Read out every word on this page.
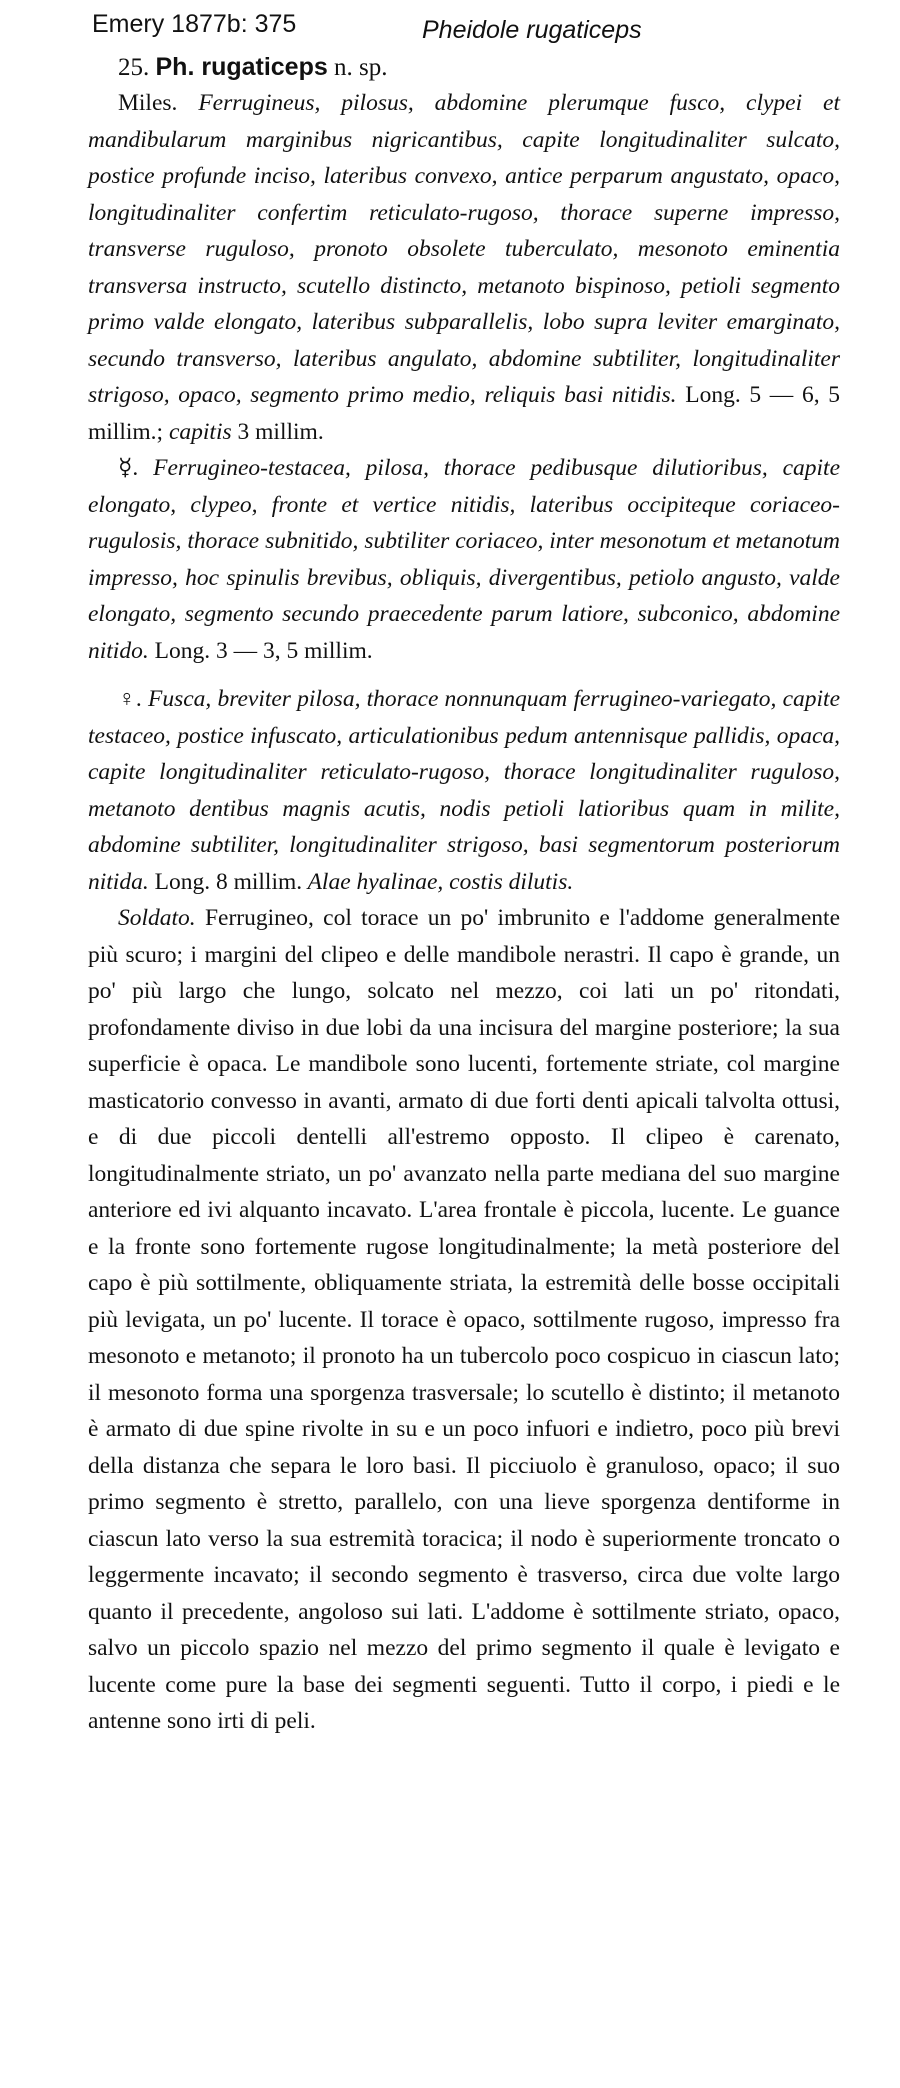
Emery 1877b: 375	Pheidole rugaticeps
25. Ph. rugaticeps n. sp.

Miles. Ferrugineus, pilosus, abdomine plerumque fusco, clypei et mandibularum marginibus nigricantibus, capite longitudinaliter sulcato, postice profunde inciso, lateribus convexo, antice perparum angustato, opaco, longitudinaliter confertim reticulato-rugoso, thorace superne impresso, transverse ruguloso, pronoto obsolete tuberculato, mesonoto eminentia transversa instructo, scutello distincto, metanoto bispinoso, petioli segmento primo valde elongato, lateribus subparallelis, lobo supra leviter emarginato, secundo transverso, lateribus angulato, abdomine subtiliter, longitudinaliter strigoso, opaco, segmento primo medio, reliquis basi nitidis. Long. 5 — 6, 5 millim.; capitis 3 millim.

☿. Ferrugineo-testacea, pilosa, thorace pedibusque dilutioribus, capite elongato, clypeo, fronte et vertice nitidis, lateribus occipiteque coriaceo-rugulosis, thorace subnitido, subtiliter coriaceo, inter mesonotum et metanotum impresso, hoc spinulis brevibus, obliquis, divergentibus, petiolo angusto, valde elongato, segmento secundo praecedente parum latiore, subconico, abdomine nitido. Long. 3 — 3, 5 millim.

♀. Fusca, breviter pilosa, thorace nonnunquam ferrugineo-variegato, capite testaceo, postice infuscato, articulationibus pedum antennisque pallidis, opaca, capite longitudinaliter reticulato-rugoso, thorace longitudinaliter ruguloso, metanoto dentibus magnis acutis, nodis petioli latioribus quam in milite, abdomine subtiliter, longitudinaliter strigoso, basi segmentorum posteriorum nitida. Long. 8 millim. Alae hyalinae, costis dilutis.

Soldato. Ferrugineo, col torace un po' imbrunito e l'addome generalmente più scuro; i margini del clipeo e delle mandibole nerastri. Il capo è grande, un po' più largo che lungo, solcato nel mezzo, coi lati un po' ritondati, profondamente diviso in due lobi da una incisura del margine posteriore; la sua superficie è opaca. Le mandibole sono lucenti, fortemente striate, col margine masticatorio convesso in avanti, armato di due forti denti apicali talvolta ottusi, e di due piccoli dentelli all'estremo opposto. Il clipeo è carenato, longitudinalmente striato, un po' avanzato nella parte mediana del suo margine anteriore ed ivi alquanto incavato. L'area frontale è piccola, lucente. Le guance e la fronte sono fortemente rugose longitudinalmente; la metà posteriore del capo è più sottilmente, obliquamente striata, la estremità delle bosse occipitali più levigata, un po' lucente. Il torace è opaco, sottilmente rugoso, impresso fra mesonoto e metanoto; il pronoto ha un tubercolo poco cospicuo in ciascun lato; il mesonoto forma una sporgenza trasversale; lo scutello è distinto; il metanoto è armato di due spine rivolte in su e un poco infuori e indietro, poco più brevi della distanza che separa le loro basi. Il picciuolo è granuloso, opaco; il suo primo segmento è stretto, parallelo, con una lieve sporgenza dentiforme in ciascun lato verso la sua estremità toracica; il nodo è superiormente troncato o leggermente incavato; il secondo segmento è trasverso, circa due volte largo quanto il precedente, angoloso sui lati. L'addome è sottilmente striato, opaco, salvo un piccolo spazio nel mezzo del primo segmento il quale è levigato e lucente come pure la base dei segmenti seguenti. Tutto il corpo, i piedi e le antenne sono irti di peli.
